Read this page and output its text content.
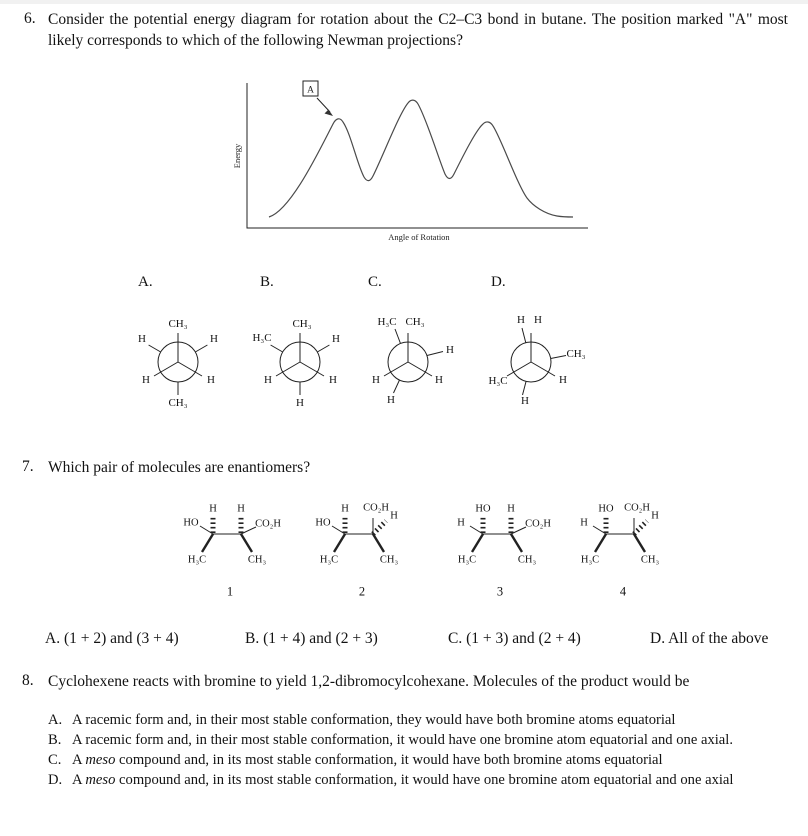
6. Consider the potential energy diagram for rotation about the C2–C3 bond in butane. The position marked "A" most likely corresponds to which of the following Newman projections?
A
Energy
Angle of Rotation
A.
CH₃
H	H
H	H
CH₃
B.
CH₃
H₃C	H
H	H
H
C.
H₃C CH₃
H
H	H
H
D.
H H
CH₃
H₃C	H
H
7. Which pair of molecules are enantiomers?
HO
H H
CO₂H
H₃C	CH₃
1
HO
H CO₂H
H
H₃C	CH₃
2
H
HO H
CO₂H
H₃C	CH₃
3
H
HO CO₂H
H
H₃C	CH₃
4
A. (1 + 2) and (3 + 4)	B. (1 + 4) and (2 + 3)	C. (1 + 3) and (2 + 4)	D. All of the above
8. Cyclohexene reacts with bromine to yield 1,2-dibromocylcohexane. Molecules of the product would be
A. A racemic form and, in their most stable conformation, they would have both bromine atoms equatorial
B. A racemic form and, in their most stable conformation, it would have one bromine atom equatorial and one axial.
C. A meso compound and, in its most stable conformation, it would have both bromine atoms equatorial
D. A meso compound and, in its most stable conformation, it would have one bromine atom equatorial and one axial
